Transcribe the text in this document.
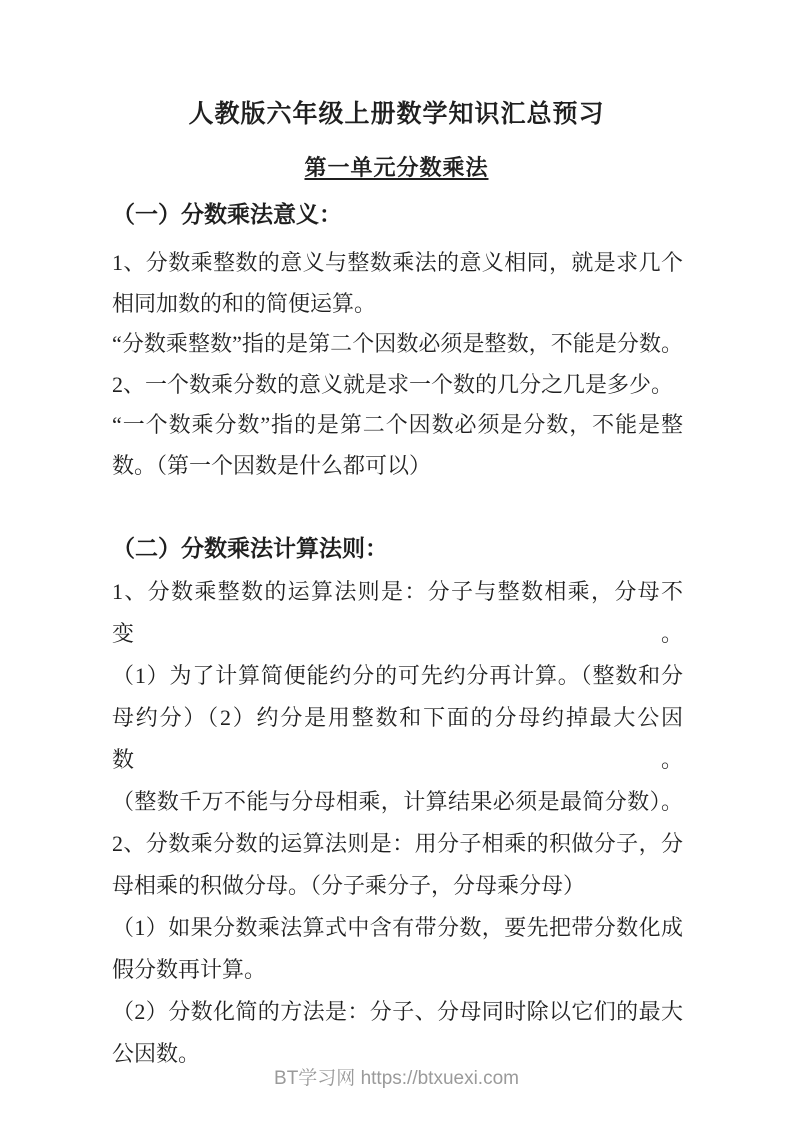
人教版六年级上册数学知识汇总预习
第一单元分数乘法
（一）分数乘法意义：
1、分数乘整数的意义与整数乘法的意义相同，就是求几个
相同加数的和的简便运算。
“分数乘整数”指的是第二个因数必须是整数，不能是分数。
2、一个数乘分数的意义就是求一个数的几分之几是多少。
“一个数乘分数”指的是第二个因数必须是分数，不能是整
数。（第一个因数是什么都可以）
（二）分数乘法计算法则：
1、分数乘整数的运算法则是：分子与整数相乘，分母不变。
（1）为了计算简便能约分的可先约分再计算。（整数和分
母约分）（2）约分是用整数和下面的分母约掉最大公因数。
（整数千万不能与分母相乘，计算结果必须是最简分数）。
2、分数乘分数的运算法则是：用分子相乘的积做分子，分
母相乘的积做分母。（分子乘分子，分母乘分母）
（1）如果分数乘法算式中含有带分数，要先把带分数化成
假分数再计算。
（2）分数化简的方法是：分子、分母同时除以它们的最大
公因数。
BT学习网 https://btxuexi.com
